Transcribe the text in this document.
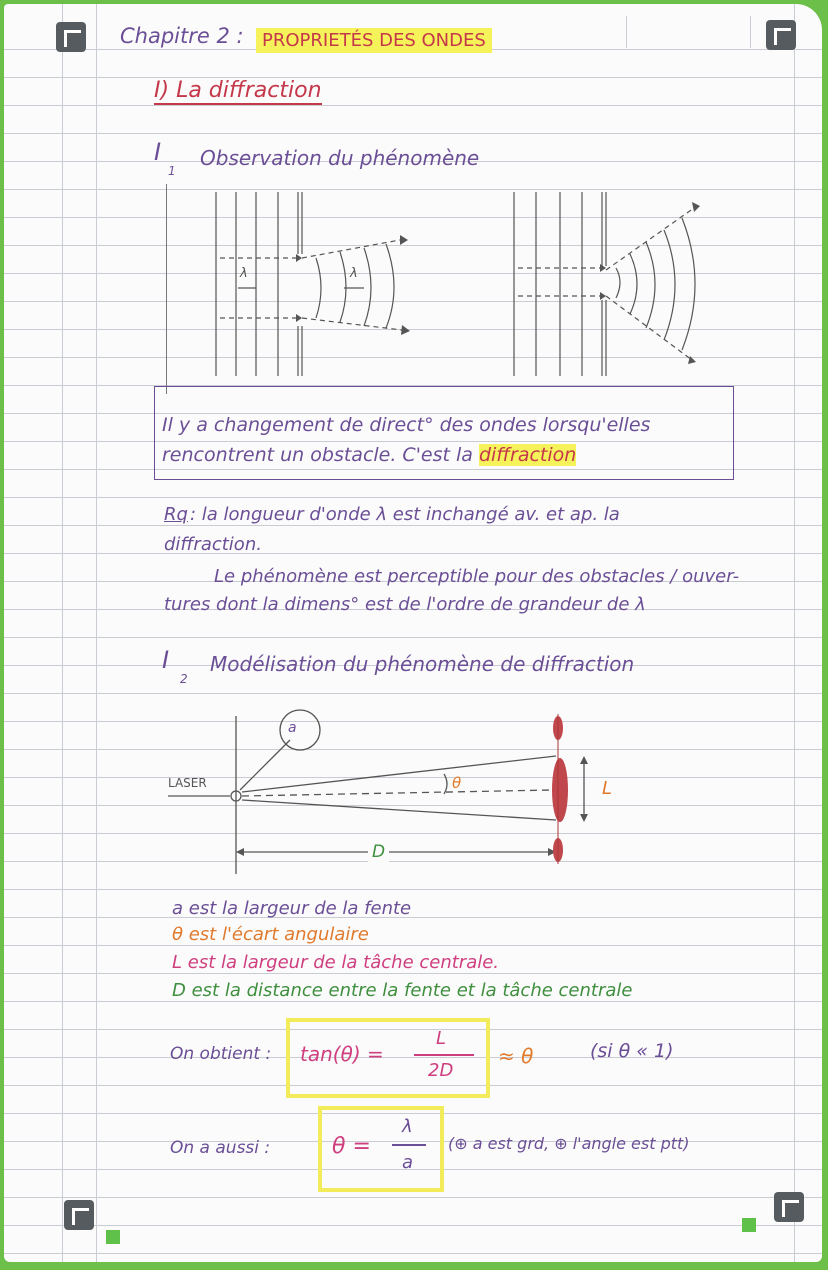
Chapitre 2 :	PROPRIETÉS DES ONDES
I) La diffraction
I
1
Observation du phénomène
λ	λ
Il y a changement de direct° des ondes lorsqu'elles
rencontrent un obstacle. C'est la diffraction
Rq : la longueur d'onde λ est inchangé av. et ap. la
diffraction.
Le phénomène est perceptible pour des obstacles / ouver-
tures dont la dimens° est de l'ordre de grandeur de λ
I
2
Modélisation du phénomène de diffraction
LASER
a
θ	L
D
a est la largeur de la fente
θ est l'écart angulaire
L est la largeur de la tâche centrale.
D est la distance entre la fente et la tâche centrale
On obtient : tan(θ) =
L
2D
≈ θ	(si θ « 1)
On a aussi :	θ =
λ
a
(⊕ a est grd, ⊕ l'angle est ptt)
